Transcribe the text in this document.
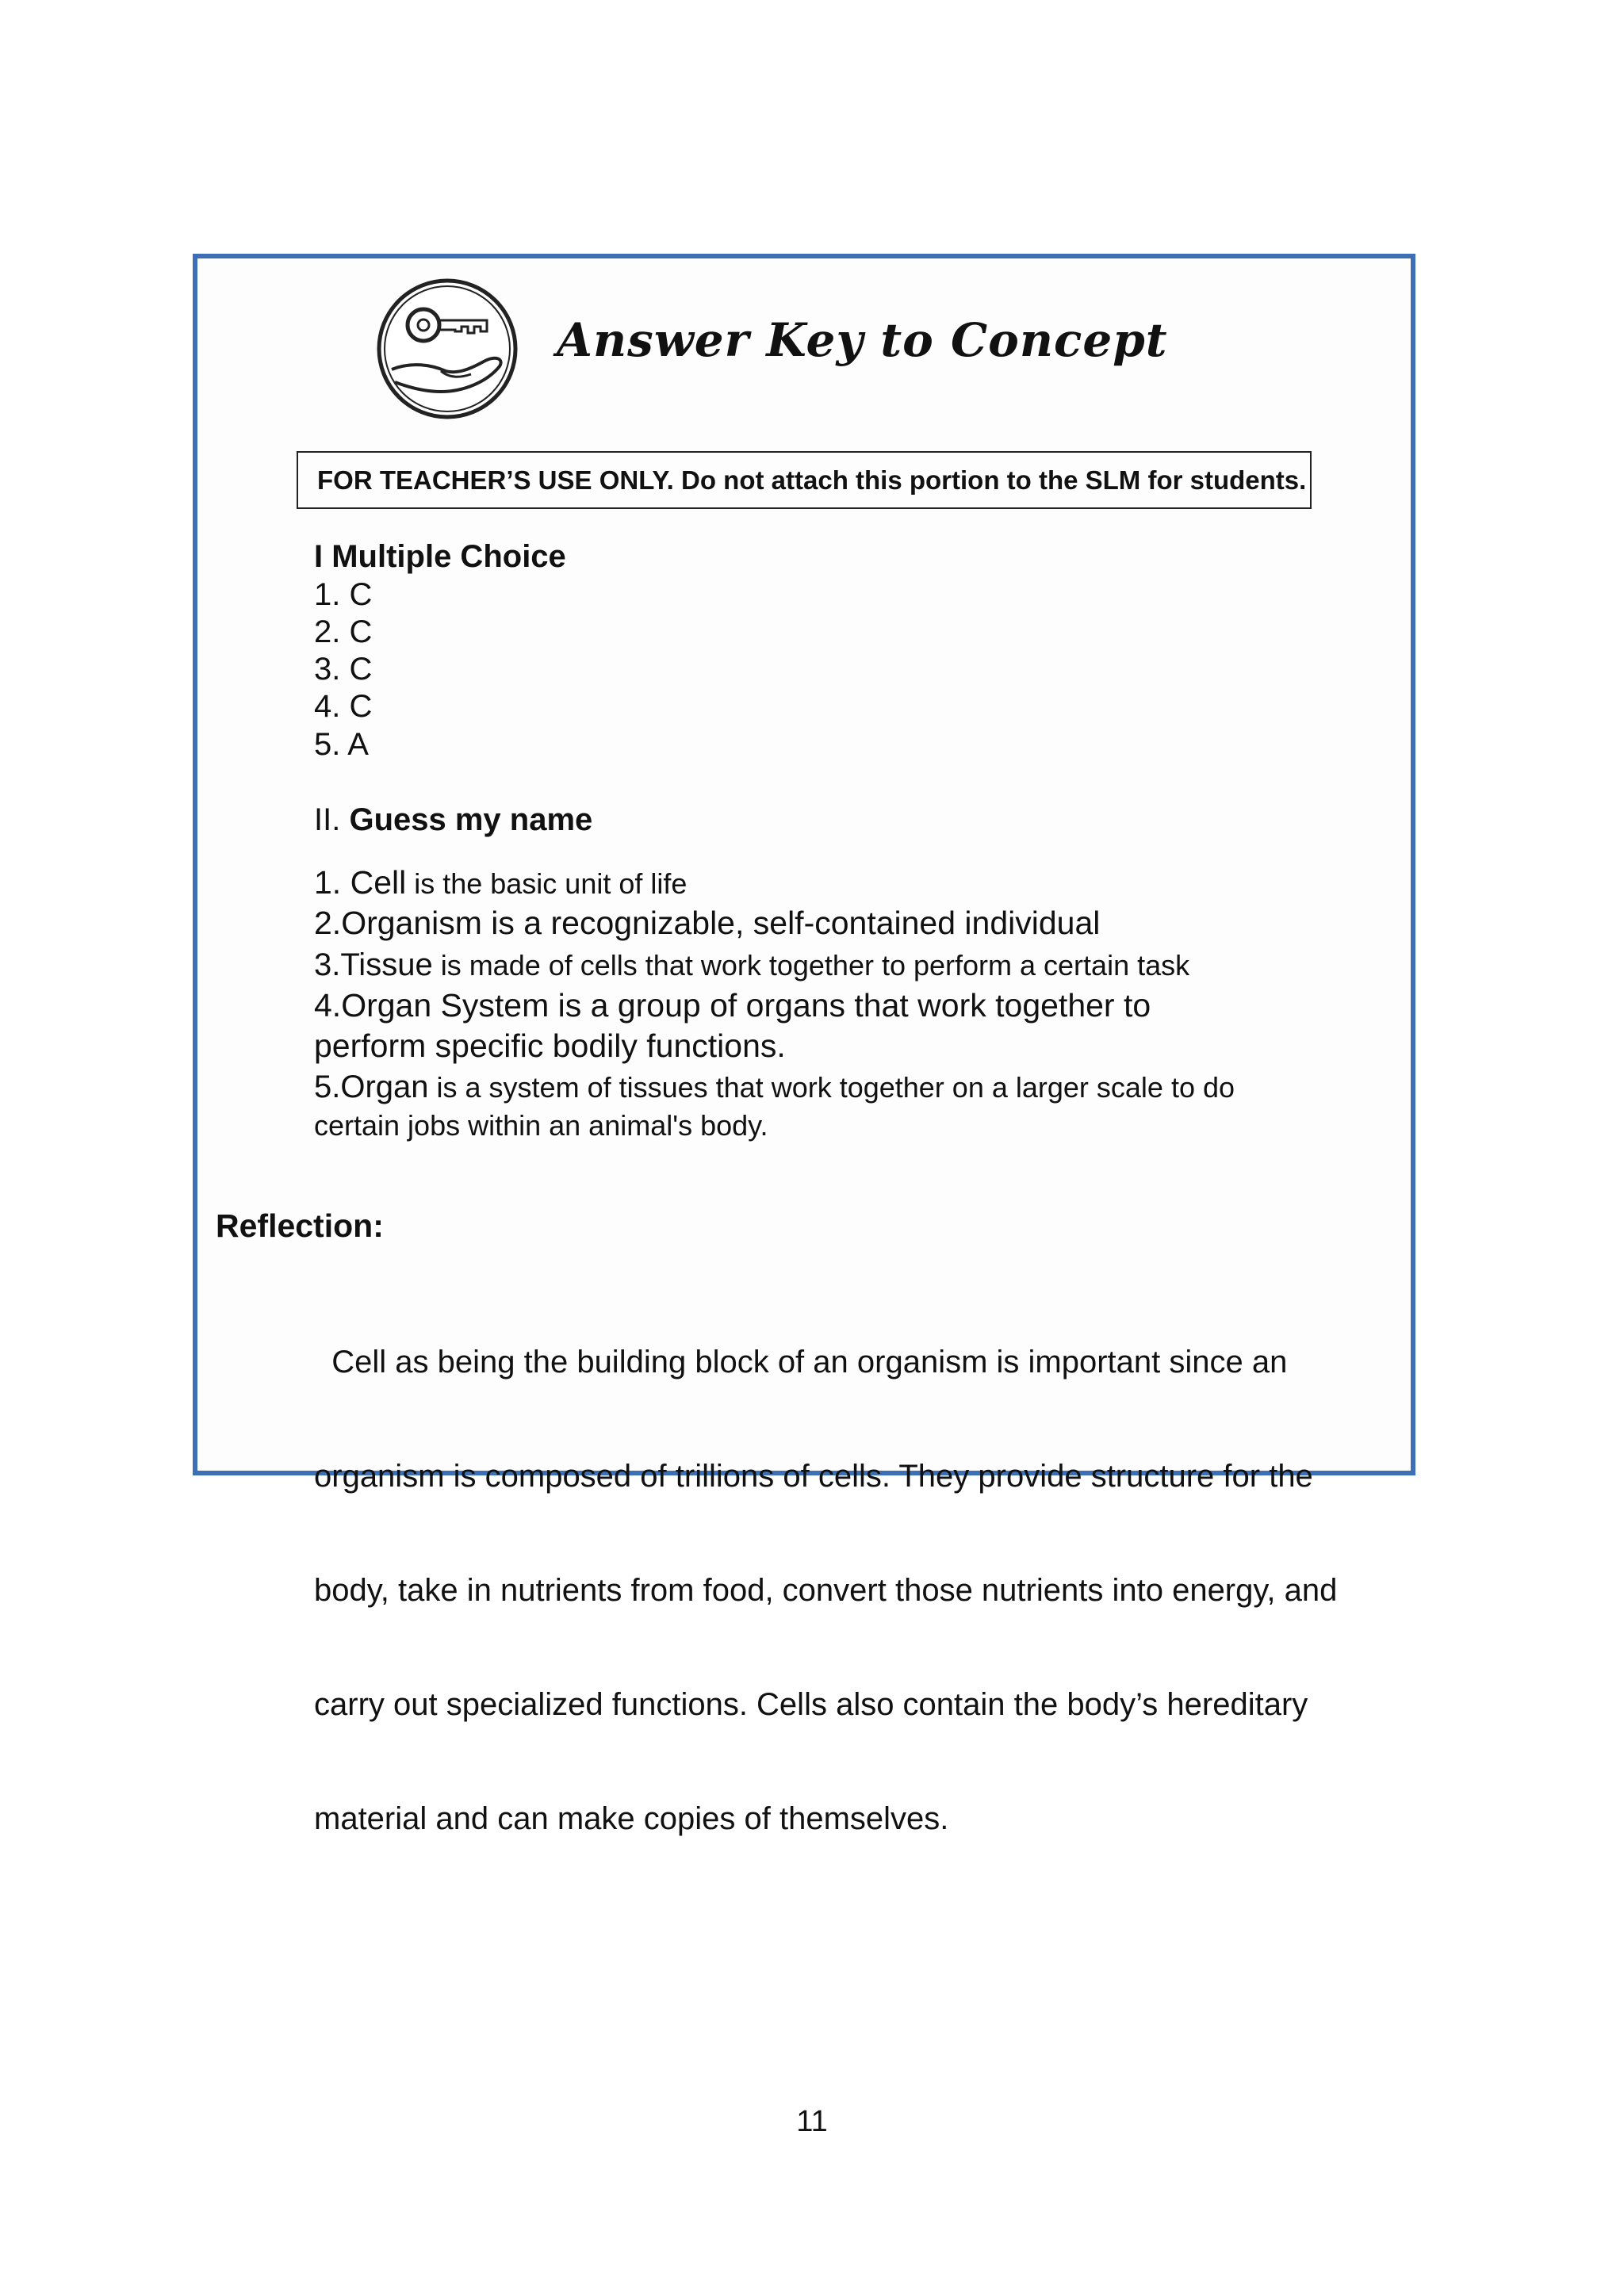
Answer Key to Concept
FOR TEACHER’S USE ONLY. Do not attach this portion to the SLM for students.
I Multiple Choice
1. C
2. C
3. C
4. C
5. A
II. Guess my name
1. Cell is the basic unit of life
2.Organism is a recognizable, self-contained individual
3.Tissue is made of cells that work together to perform a certain task
4.Organ System is a group of organs that work together to
perform specific bodily functions.
5.Organ is a system of tissues that work together on a larger scale to do
certain jobs within an animal's body.
Reflection:

Cell as being the building block of an organism is important since an

organism is composed of trillions of cells. They provide structure for the

body, take in nutrients from food, convert those nutrients into energy, and

carry out specialized functions. Cells also contain the body’s hereditary

material and can make copies of themselves.

11
